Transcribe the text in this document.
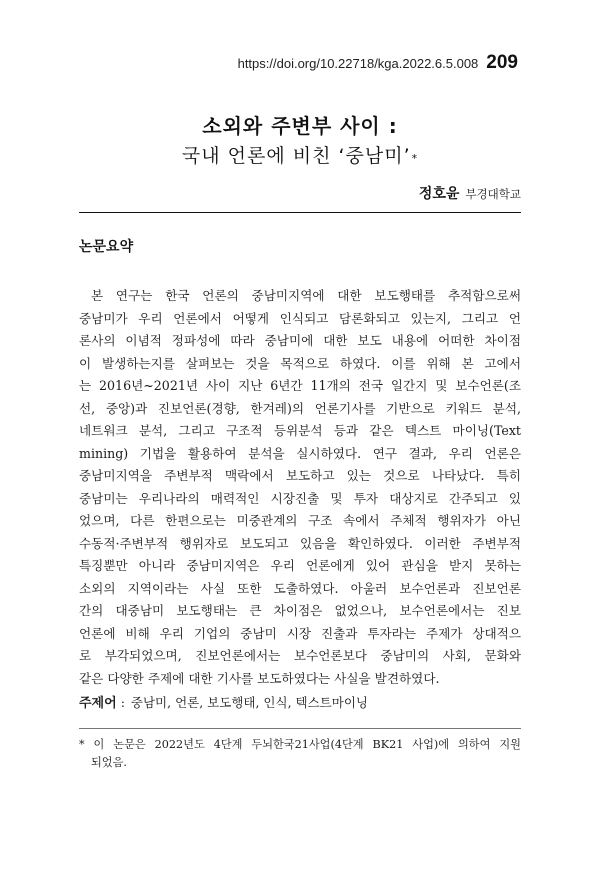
https://doi.org/10.22718/kga.2022.6.5.008 209
소외와 주변부 사이 :
국내 언론에 비친 ‘중남미’*
정호윤 부경대학교
논문요약
본 연구는 한국 언론의 중남미지역에 대한 보도행태를 추적함으로써
중남미가 우리 언론에서 어떻게 인식되고 담론화되고 있는지, 그리고 언
론사의 이념적 정파성에 따라 중남미에 대한 보도 내용에 어떠한 차이점
이 발생하는지를 살펴보는 것을 목적으로 하였다. 이를 위해 본 고에서
는 2016년~2021년 사이 지난 6년간 11개의 전국 일간지 및 보수언론(조
선, 중앙)과 진보언론(경향, 한겨레)의 언론기사를 기반으로 키워드 분석,
네트워크 분석, 그리고 구조적 등위분석 등과 같은 텍스트 마이닝(Text
mining) 기법을 활용하여 분석을 실시하였다. 연구 결과, 우리 언론은
중남미지역을 주변부적 맥락에서 보도하고 있는 것으로 나타났다. 특히
중남미는 우리나라의 매력적인 시장진출 및 투자 대상지로 간주되고 있
었으며, 다른 한편으로는 미중관계의 구조 속에서 주체적 행위자가 아닌
수동적·주변부적 행위자로 보도되고 있음을 확인하였다. 이러한 주변부적
특징뿐만 아니라 중남미지역은 우리 언론에게 있어 관심을 받지 못하는
소외의 지역이라는 사실 또한 도출하였다. 아울러 보수언론과 진보언론
간의 대중남미 보도행태는 큰 차이점은 없었으나, 보수언론에서는 진보
언론에 비해 우리 기업의 중남미 시장 진출과 투자라는 주제가 상대적으
로 부각되었으며, 진보언론에서는 보수언론보다 중남미의 사회, 문화와
같은 다양한 주제에 대한 기사를 보도하였다는 사실을 발견하였다.
주제어 : 중남미, 언론, 보도행태, 인식, 텍스트마이닝
* 이 논문은 2022년도 4단계 두뇌한국21사업(4단계 BK21 사업)에 의하여 지원
되었음.
